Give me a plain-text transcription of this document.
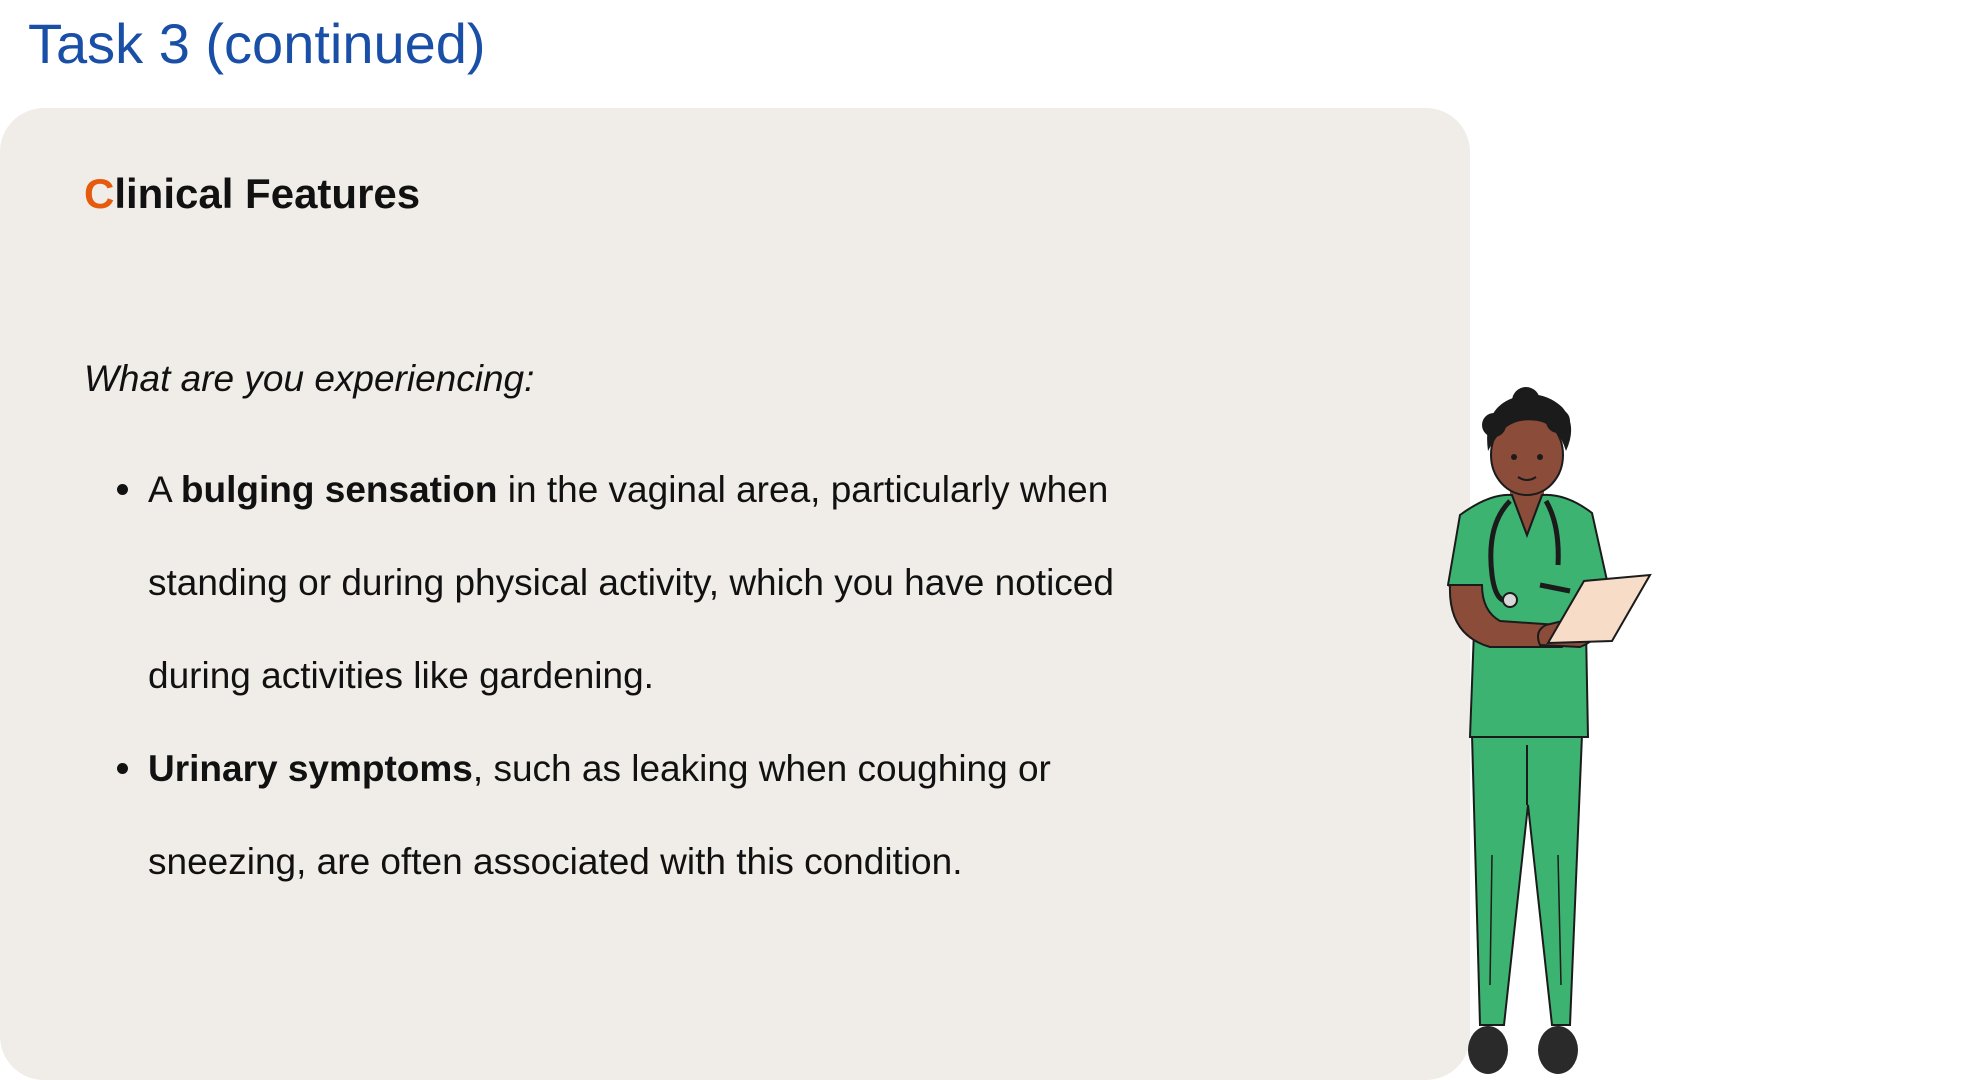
Task 3 (continued)
Clinical Features
What are you experiencing:
A bulging sensation in the vaginal area, particularly when standing or during physical activity, which you have noticed during activities like gardening.
Urinary symptoms, such as leaking when coughing or sneezing, are often associated with this condition.
